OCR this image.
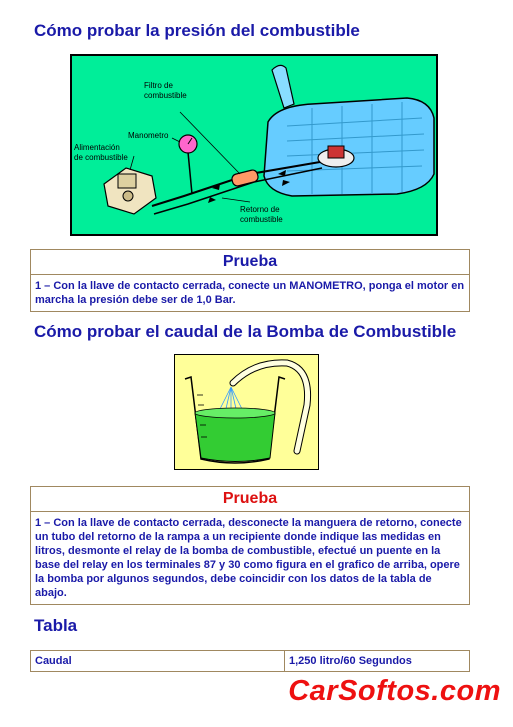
Cómo probar la presión del combustible
Filtro de
combustible
Manometro
Alimentación
de combustible
Retorno de
combustible
Prueba
1 – Con la llave de contacto cerrada, conecte un MANOMETRO, ponga el motor en marcha la presión debe ser de 1,0 Bar.
Cómo probar el caudal de la Bomba de Combustible
Prueba
1 – Con la llave de contacto cerrada, desconecte la manguera de retorno, conecte un tubo del retorno de la rampa a un recipiente donde indique las medidas en litros, desmonte el relay de la bomba de combustible, efectué un puente en la base del relay en los terminales 87 y 30 como figura en el grafico de arriba, opere la bomba por algunos segundos, debe coincidir con los datos de la tabla de abajo.
Tabla
Caudal	1,250 litro/60 Segundos
CarSoftos.com
